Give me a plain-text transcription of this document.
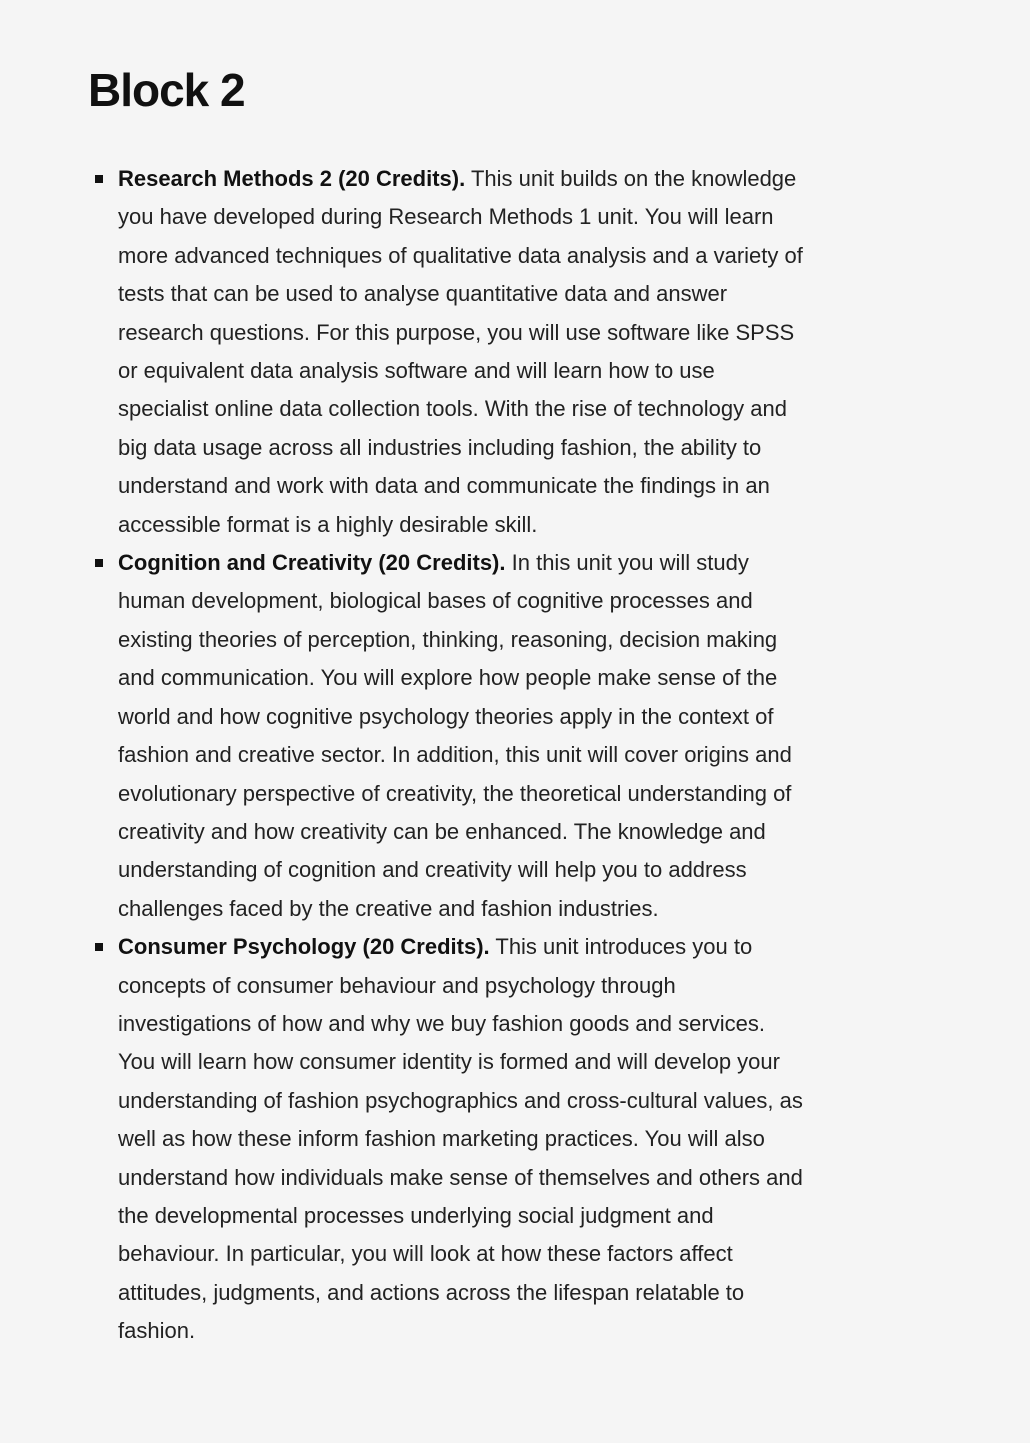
Block 2
Research Methods 2 (20 Credits). This unit builds on the knowledge you have developed during Research Methods 1 unit. You will learn more advanced techniques of qualitative data analysis and a variety of tests that can be used to analyse quantitative data and answer research questions. For this purpose, you will use software like SPSS or equivalent data analysis software and will learn how to use specialist online data collection tools. With the rise of technology and big data usage across all industries including fashion, the ability to understand and work with data and communicate the findings in an accessible format is a highly desirable skill.
Cognition and Creativity (20 Credits). In this unit you will study human development, biological bases of cognitive processes and existing theories of perception, thinking, reasoning, decision making and communication. You will explore how people make sense of the world and how cognitive psychology theories apply in the context of fashion and creative sector. In addition, this unit will cover origins and evolutionary perspective of creativity, the theoretical understanding of creativity and how creativity can be enhanced. The knowledge and understanding of cognition and creativity will help you to address challenges faced by the creative and fashion industries.
Consumer Psychology (20 Credits). This unit introduces you to concepts of consumer behaviour and psychology through investigations of how and why we buy fashion goods and services. You will learn how consumer identity is formed and will develop your understanding of fashion psychographics and cross-cultural values, as well as how these inform fashion marketing practices. You will also understand how individuals make sense of themselves and others and the developmental processes underlying social judgment and behaviour. In particular, you will look at how these factors affect attitudes, judgments, and actions across the lifespan relatable to fashion.
